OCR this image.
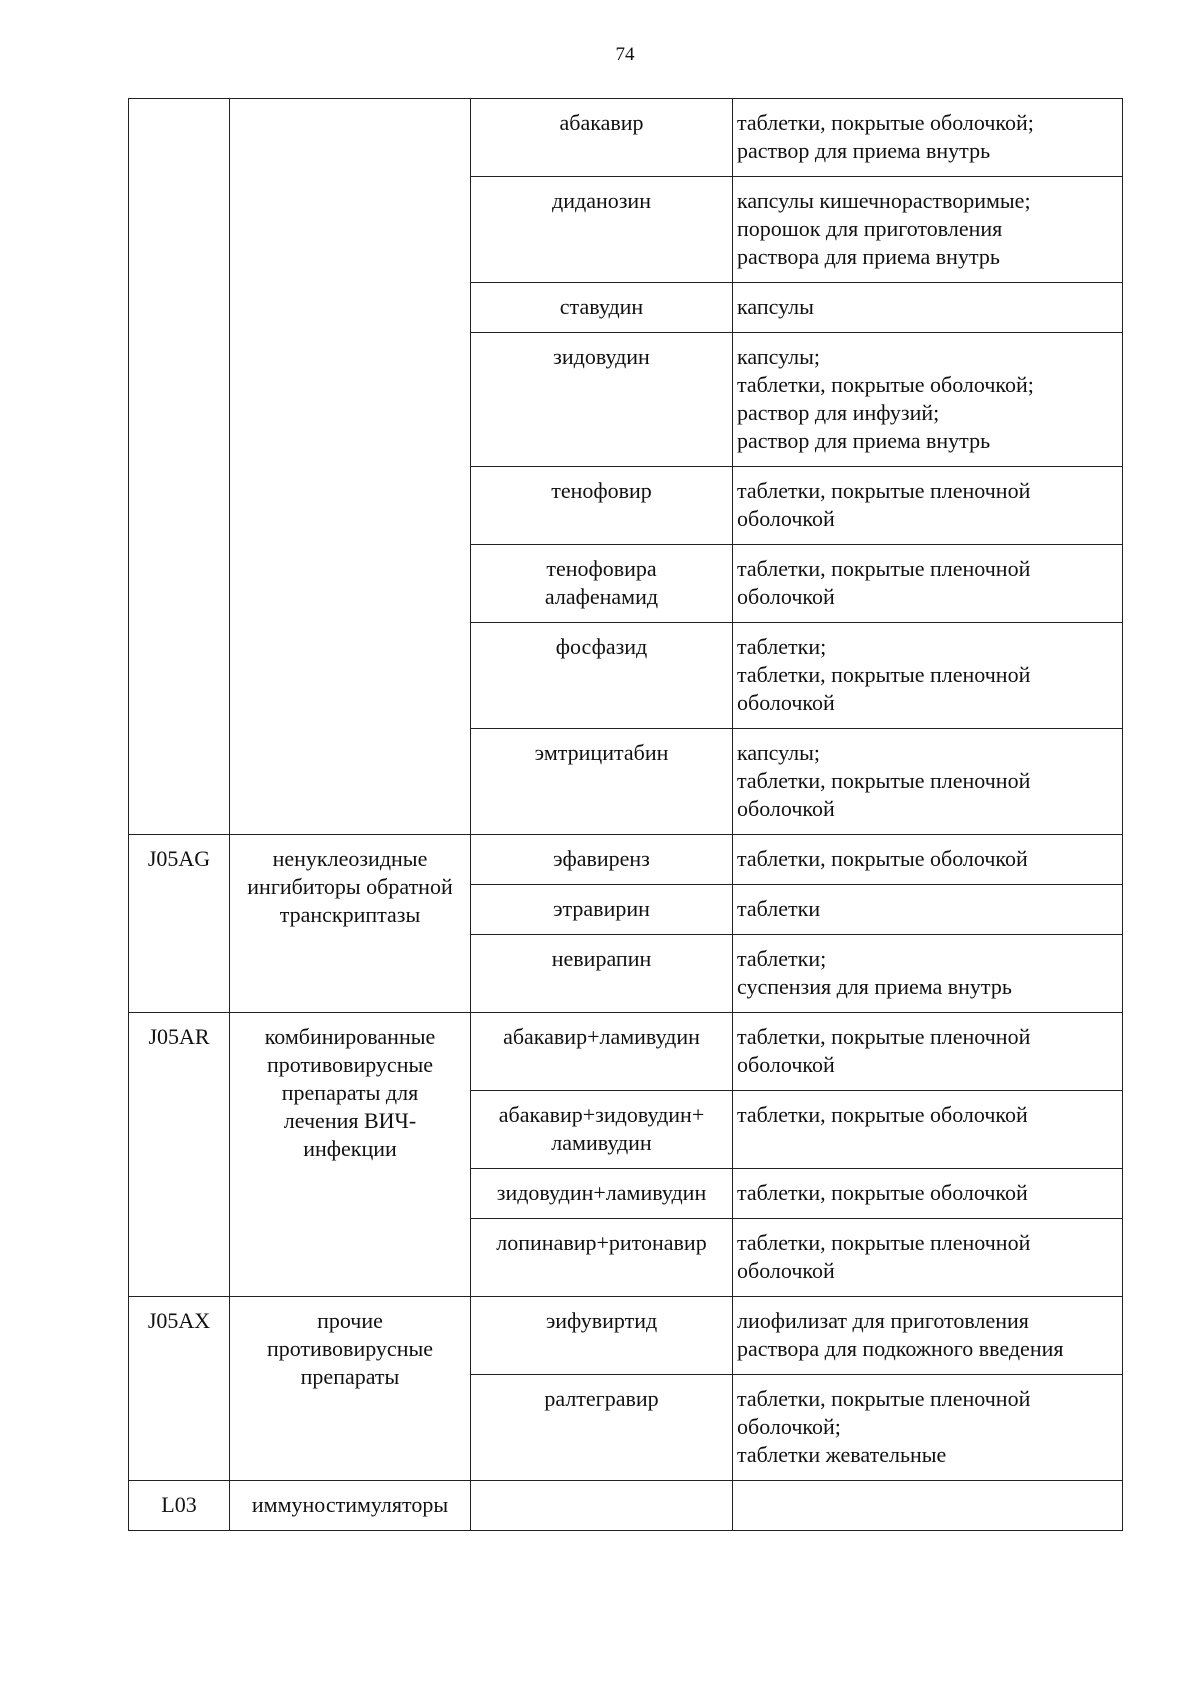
74

		абакавир	таблетки, покрытые оболочкой;
раствор для приема внутрь

		диданозин	капсулы кишечнорастворимые;
порошок для приготовления
раствора для приема внутрь

		ставудин	капсулы

		зидовудин	капсулы;
таблетки, покрытые оболочкой;
раствор для инфузий;
раствор для приема внутрь

		тенофовир	таблетки, покрытые пленочной
оболочкой

		тенофовира
алафенамид	таблетки, покрытые пленочной
оболочкой

		фосфазид	таблетки;
таблетки, покрытые пленочной
оболочкой

		эмтрицитабин	капсулы;
таблетки, покрытые пленочной
оболочкой

J05AG	ненуклеозидные
ингибиторы обратной
транскриптазы	эфавиренз	таблетки, покрытые оболочкой

		этравирин	таблетки

		невирапин	таблетки;
суспензия для приема внутрь

J05AR	комбинированные
противовирусные
препараты для
лечения ВИЧ-
инфекции	абакавир+ламивудин	таблетки, покрытые пленочной
оболочкой

		абакавир+зидовудин+
ламивудин	таблетки, покрытые оболочкой

		зидовудин+ламивудин	таблетки, покрытые оболочкой

		лопинавир+ритонавир	таблетки, покрытые пленочной
оболочкой

J05AX	прочие
противовирусные
препараты	эифувиртид	лиофилизат для приготовления
раствора для подкожного введения

		ралтегравир	таблетки, покрытые пленочной
оболочкой;
таблетки жевательные

L03	иммуностимуляторы		
